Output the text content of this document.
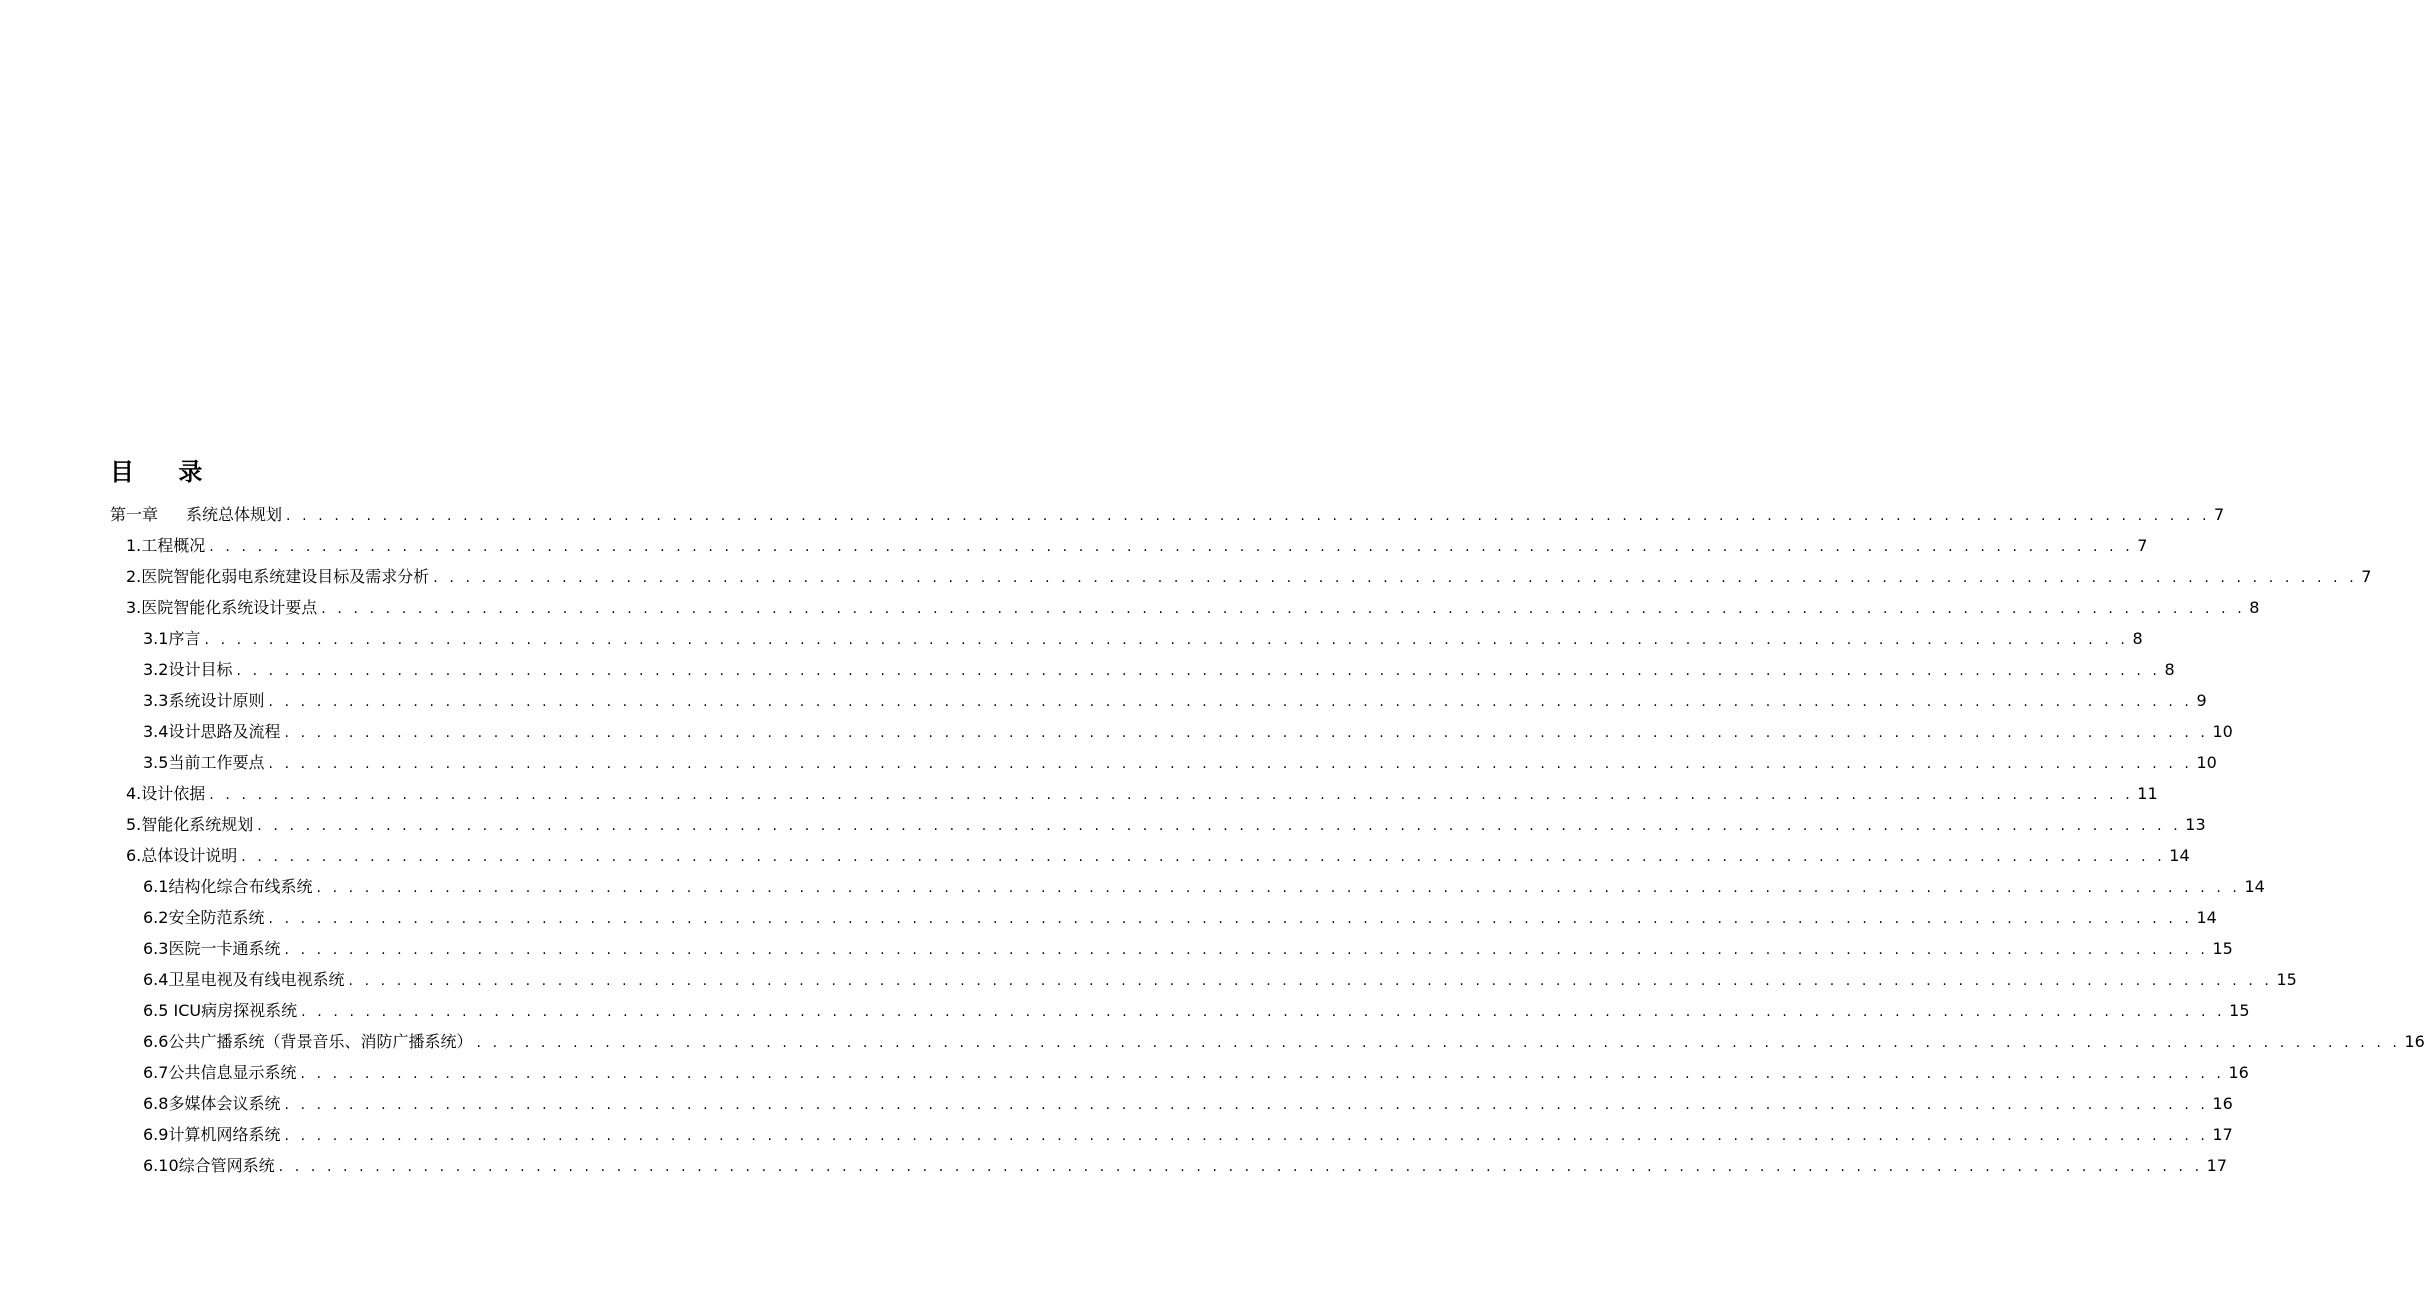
目 录
第一章 系统总体规划 . . . . . . . . . . . . . . . . . . . . . . . . . . . . . . . . . . . . . . . . . . . . . . . . . . . . . . . . . . . . . . . . . . . . . . . . . . . . . . . . . . . . . . . . . . . . . . . . . . . . . . . . . . . . . . . . . . . . . . . . 7
1.工程概况 . . . . . . . . . . . . . . . . . . . . . . . . . . . . . . . . . . . . . . . . . . . . . . . . . . . . . . . . . . . . . . . . . . . . . . . . . . . . . . . . . . . . . . . . . . . . . . . . . . . . . . . . . . . . . . . . . . . . . . . . 7
2.医院智能化弱电系统建设目标及需求分析 . . . . . . . . . . . . . . . . . . . . . . . . . . . . . . . . . . . . . . . . . . . . . . . . . . . . . . . . . . . . . . . . . . . . . . . . . . . . . . . . . . . . . . . . . . . . . . . . . . . . . . . . . . . . . . . . . . . . . . . . 7
3.医院智能化系统设计要点 . . . . . . . . . . . . . . . . . . . . . . . . . . . . . . . . . . . . . . . . . . . . . . . . . . . . . . . . . . . . . . . . . . . . . . . . . . . . . . . . . . . . . . . . . . . . . . . . . . . . . . . . . . . . . . . . . . . . . . . . 8
3.1序言 . . . . . . . . . . . . . . . . . . . . . . . . . . . . . . . . . . . . . . . . . . . . . . . . . . . . . . . . . . . . . . . . . . . . . . . . . . . . . . . . . . . . . . . . . . . . . . . . . . . . . . . . . . . . . . . . . . . . . . . . 8
3.2设计目标 . . . . . . . . . . . . . . . . . . . . . . . . . . . . . . . . . . . . . . . . . . . . . . . . . . . . . . . . . . . . . . . . . . . . . . . . . . . . . . . . . . . . . . . . . . . . . . . . . . . . . . . . . . . . . . . . . . . . . . . . 8
3.3系统设计原则 . . . . . . . . . . . . . . . . . . . . . . . . . . . . . . . . . . . . . . . . . . . . . . . . . . . . . . . . . . . . . . . . . . . . . . . . . . . . . . . . . . . . . . . . . . . . . . . . . . . . . . . . . . . . . . . . . . . . . . . . 9
3.4设计思路及流程 . . . . . . . . . . . . . . . . . . . . . . . . . . . . . . . . . . . . . . . . . . . . . . . . . . . . . . . . . . . . . . . . . . . . . . . . . . . . . . . . . . . . . . . . . . . . . . . . . . . . . . . . . . . . . . . . . . . . . . . . 10
3.5当前工作要点 . . . . . . . . . . . . . . . . . . . . . . . . . . . . . . . . . . . . . . . . . . . . . . . . . . . . . . . . . . . . . . . . . . . . . . . . . . . . . . . . . . . . . . . . . . . . . . . . . . . . . . . . . . . . . . . . . . . . . . . . 10
4.设计依据 . . . . . . . . . . . . . . . . . . . . . . . . . . . . . . . . . . . . . . . . . . . . . . . . . . . . . . . . . . . . . . . . . . . . . . . . . . . . . . . . . . . . . . . . . . . . . . . . . . . . . . . . . . . . . . . . . . . . . . . . 11
5.智能化系统规划 . . . . . . . . . . . . . . . . . . . . . . . . . . . . . . . . . . . . . . . . . . . . . . . . . . . . . . . . . . . . . . . . . . . . . . . . . . . . . . . . . . . . . . . . . . . . . . . . . . . . . . . . . . . . . . . . . . . . . . . . 13
6.总体设计说明 . . . . . . . . . . . . . . . . . . . . . . . . . . . . . . . . . . . . . . . . . . . . . . . . . . . . . . . . . . . . . . . . . . . . . . . . . . . . . . . . . . . . . . . . . . . . . . . . . . . . . . . . . . . . . . . . . . . . . . . . 14
6.1结构化综合布线系统 . . . . . . . . . . . . . . . . . . . . . . . . . . . . . . . . . . . . . . . . . . . . . . . . . . . . . . . . . . . . . . . . . . . . . . . . . . . . . . . . . . . . . . . . . . . . . . . . . . . . . . . . . . . . . . . . . . . . . . . . 14
6.2安全防范系统 . . . . . . . . . . . . . . . . . . . . . . . . . . . . . . . . . . . . . . . . . . . . . . . . . . . . . . . . . . . . . . . . . . . . . . . . . . . . . . . . . . . . . . . . . . . . . . . . . . . . . . . . . . . . . . . . . . . . . . . . 14
6.3医院一卡通系统 . . . . . . . . . . . . . . . . . . . . . . . . . . . . . . . . . . . . . . . . . . . . . . . . . . . . . . . . . . . . . . . . . . . . . . . . . . . . . . . . . . . . . . . . . . . . . . . . . . . . . . . . . . . . . . . . . . . . . . . . 15
6.4卫星电视及有线电视系统 . . . . . . . . . . . . . . . . . . . . . . . . . . . . . . . . . . . . . . . . . . . . . . . . . . . . . . . . . . . . . . . . . . . . . . . . . . . . . . . . . . . . . . . . . . . . . . . . . . . . . . . . . . . . . . . . . . . . . . . . 15
6.5 ICU病房探视系统 . . . . . . . . . . . . . . . . . . . . . . . . . . . . . . . . . . . . . . . . . . . . . . . . . . . . . . . . . . . . . . . . . . . . . . . . . . . . . . . . . . . . . . . . . . . . . . . . . . . . . . . . . . . . . . . . . . . . . . . . 15
6.6公共广播系统（背景音乐、消防广播系统） . . . . . . . . . . . . . . . . . . . . . . . . . . . . . . . . . . . . . . . . . . . . . . . . . . . . . . . . . . . . . . . . . . . . . . . . . . . . . . . . . . . . . . . . . . . . . . . . . . . . . . . . . . . . . . . . . . . . . . . . 16
6.7公共信息显示系统 . . . . . . . . . . . . . . . . . . . . . . . . . . . . . . . . . . . . . . . . . . . . . . . . . . . . . . . . . . . . . . . . . . . . . . . . . . . . . . . . . . . . . . . . . . . . . . . . . . . . . . . . . . . . . . . . . . . . . . . . 16
6.8多媒体会议系统 . . . . . . . . . . . . . . . . . . . . . . . . . . . . . . . . . . . . . . . . . . . . . . . . . . . . . . . . . . . . . . . . . . . . . . . . . . . . . . . . . . . . . . . . . . . . . . . . . . . . . . . . . . . . . . . . . . . . . . . . 16
6.9计算机网络系统 . . . . . . . . . . . . . . . . . . . . . . . . . . . . . . . . . . . . . . . . . . . . . . . . . . . . . . . . . . . . . . . . . . . . . . . . . . . . . . . . . . . . . . . . . . . . . . . . . . . . . . . . . . . . . . . . . . . . . . . . 17
6.10综合管网系统 . . . . . . . . . . . . . . . . . . . . . . . . . . . . . . . . . . . . . . . . . . . . . . . . . . . . . . . . . . . . . . . . . . . . . . . . . . . . . . . . . . . . . . . . . . . . . . . . . . . . . . . . . . . . . . . . . . . . . . . . 17
